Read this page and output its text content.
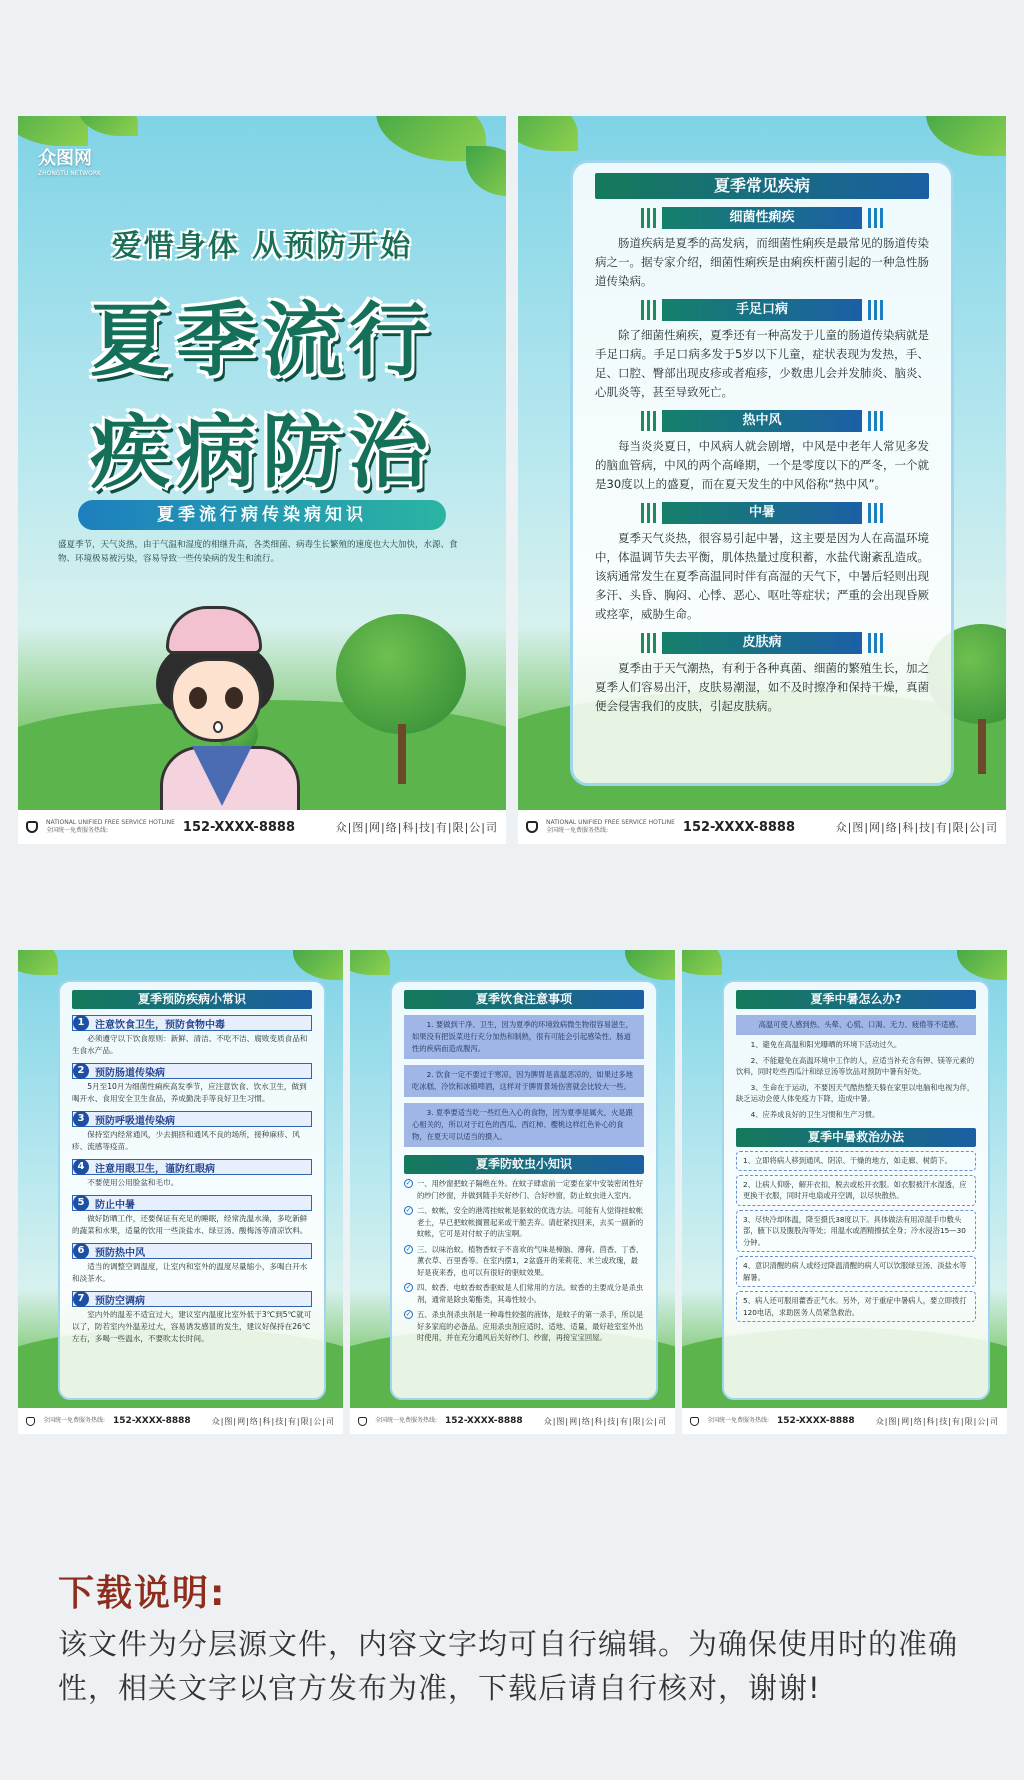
众图网
ZHONGTU NETWORK
爱惜身体 从预防开始
夏季流行
疾病防治
夏季流行病传染病知识
盛夏季节，天气炎热，由于气温和湿度的相继升高，各类细菌、病毒生长繁殖的速度也大大加快，水源、食物、环境极易被污染，容易导致一些传染病的发生和流行。
NATIONAL UNIFIED FREE SERVICE HOTLINE
全国统一免费服务热线:	152-XXXX-8888	众|图|网|络|科|技|有|限|公|司
夏季常见疾病
细菌性痢疾
肠道疾病是夏季的高发病，而细菌性痢疾是最常见的肠道传染病之一。据专家介绍，细菌性痢疾是由痢疾杆菌引起的一种急性肠道传染病。
手足口病
除了细菌性痢疾，夏季还有一种高发于儿童的肠道传染病就是手足口病。手足口病多发于5岁以下儿童，症状表现为发热，手、足、口腔、臀部出现皮疹或者疱疹，少数患儿会并发肺炎、脑炎、心肌炎等，甚至导致死亡。
热中风
每当炎炎夏日，中风病人就会剧增，中风是中老年人常见多发的脑血管病，中风的两个高峰期，一个是零度以下的严冬，一个就是30度以上的盛夏，而在夏天发生的中风俗称“热中风”。
中暑
夏季天气炎热，很容易引起中暑，这主要是因为人在高温环境中，体温调节失去平衡，肌体热量过度积蓄，水盐代谢紊乱造成。该病通常发生在夏季高温同时伴有高湿的天气下，中暑后轻则出现多汗、头昏、胸闷、心悸、恶心、呕吐等症状；严重的会出现昏厥或痉挛，威胁生命。
皮肤病
夏季由于天气潮热，有利于各种真菌、细菌的繁殖生长，加之夏季人们容易出汗，皮肤易潮湿，如不及时擦净和保持干燥，真菌便会侵害我们的皮肤，引起皮肤病。
NATIONAL UNIFIED FREE SERVICE HOTLINE
全国统一免费服务热线:	152-XXXX-8888	众|图|网|络|科|技|有|限|公|司
夏季预防疾病小常识
1	注意饮食卫生，预防食物中毒
必须遵守以下饮食原则：新鲜、清洁、不吃不洁、腐败变质食品和生食水产品。
2	预防肠道传染病
5月至10月为细菌性痢疾高发季节，应注意饮食、饮水卫生，做到喝开水、食用安全卫生食品，养成勤洗手等良好卫生习惯。
3	预防呼吸道传染病
保持室内经常通风，少去拥挤和通风不良的场所，接种麻疹、风疹、流感等疫苗。
4	注意用眼卫生，谨防红眼病
不要使用公用脸盆和毛巾。
5	防止中暑
做好防晒工作，还要保证有充足的睡眠，经常洗温水澡，多吃新鲜的蔬菜和水果，适量的饮用一些淡盐水、绿豆汤、酸梅汤等清凉饮料。
6	预防热中风
适当的调整空调温度，让室内和室外的温度尽量缩小，多喝白开水和淡茶水。
7	预防空调病
室内外的温差不适宜过大，建议室内温度比室外低于3℃到5℃就可以了，防若室内外温差过大，容易诱发感冒的发生，建议好保持在26℃左右，多喝一些温水，不要吹太长时间。
全国统一免费服务热线: 152-XXXX-8888	众|图|网|络|科|技|有|限|公|司
夏季饮食注意事项
1. 要做到干净、卫生，因为夏季的环境致病微生物很容易滋生，如果没有把饭菜进行充分加热和制熟，很有可能会引起感染性、肠道性的疾病而造成腹泻。
2. 饮食一定不要过于寒凉，因为脾胃是喜温恶凉的，如果过多地吃冰糕、冷饮和冰镇啤酒，这样对于脾胃景场伤害就会比较大一些。
3. 夏季要适当吃一些红色入心的食物，因为夏季是属火，火是跟心相关的，所以对于红色的西瓜、西红柿、樱桃这样红色补心的食物，在夏天可以适当的摄入。
夏季防蚊虫小知识
✓ 一、用纱窗把蚊子隔绝在外。在蚊子肆虐前一定要在家中安装密闭性好的纱门纱窗，并做到随手关好纱门、合好纱窗，防止蚊虫进入室内。
✓ 二、蚊帐，安全的港湾挂蚊帐是驱蚊的优选方法。可能有人觉得挂蚊帐老土，早已把蚊帐搁置起来或干脆丢弃。请赶紧找回来，去买一副新的蚊帐，它可是对付蚊子的法宝啊。
✓ 三、以味治蚊。植物香蚊子不喜欢的气味是樟脑、薄荷、茴香、丁香、薰衣草、百里香等。在室内摆1，2盆盛开的茉莉花、米兰或玫瑰，最好是夜来香，也可以有很好的驱蚊效果。
✓ 四、蚊香、电蚊香蚊香驱蚊是人们常用的方法。蚊香的主要成分是杀虫剂，通常是除虫菊酯类，其毒性较小。
✓ 五、杀虫剂杀虫剂是一种毒性较强的液体，是蚊子的第一杀手，所以是好多家庭的必备品。应用杀虫剂应适时、适地、适量，最好趁室室外出时使用，并在充分通风后关好纱门、纱窗，再接宝宝回屋。
全国统一免费服务热线: 152-XXXX-8888	众|图|网|络|科|技|有|限|公|司
夏季中暑怎么办?
高温可使人感到热、头晕、心慌、口渴、无力、疲倦等不适感。
1、避免在高温和阳光曝晒的环境下活动过久。
2、不能避免在高温环境中工作的人，应适当补充含有钾、镁等元素的饮料，同时吃些西瓜汁和绿豆汤等饮品对预防中暑有好处。
3、生命在于运动，不要因天气酷热整天躲在家里以电脑和电视为伴，缺乏运动会使人体免疫力下降，造成中暑。
4、应养成良好的卫生习惯和生产习惯。
夏季中暑救治办法
1、立即将病人移到通风、阴凉、干燥的地方，如走廊、树荫下。
2、让病人仰卧，解开衣扣，脱去或松开衣服。如衣服被汗水湿透，应更换干衣服，同时开电扇或开空调，以尽快散热。
3、尽快冷却体温，降至摄氏38度以下。具体做法有用凉湿手巾敷头部，腋下以及腹股沟等处；用温水或酒精擦拭全身；冷水浸浴15—30分钟。
4、意识清醒的病人或经过降温清醒的病人可以饮服绿豆汤、淡盐水等解暑。
5、病人还可服用藿香正气水。另外，对于重症中暑病人，要立即拨打120电话，求助医务人员紧急救治。
全国统一免费服务热线: 152-XXXX-8888	众|图|网|络|科|技|有|限|公|司
下载说明:
该文件为分层源文件，内容文字均可自行编辑。为确保使用时的准确性，相关文字以官方发布为准，下载后请自行核对，谢谢!
